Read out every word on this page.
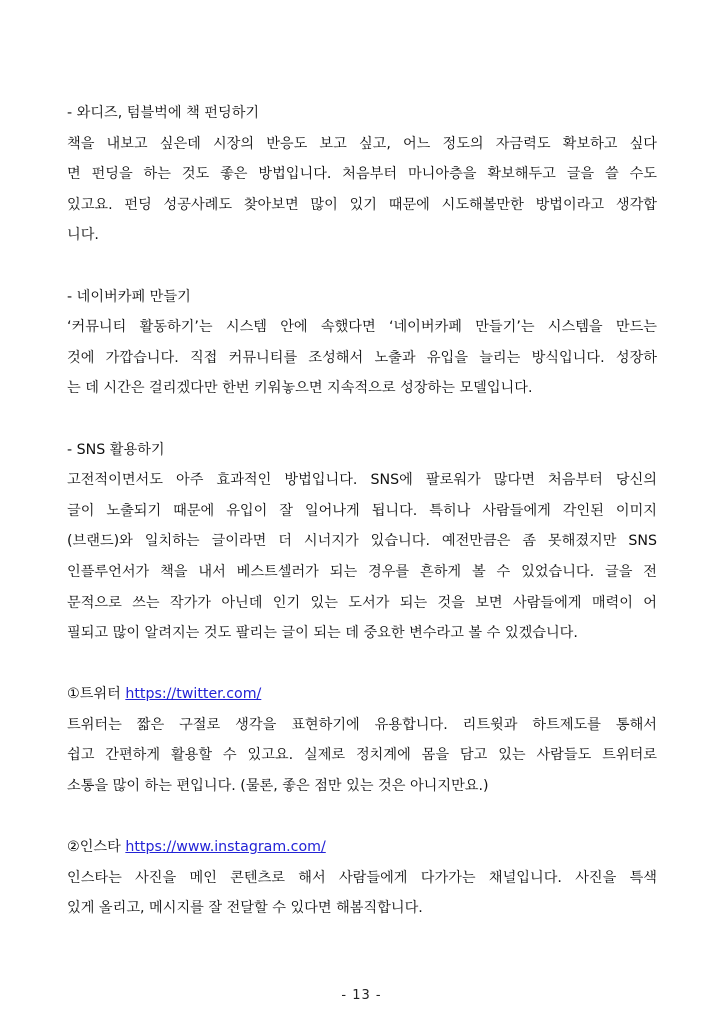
- 와디즈, 텀블벅에 책 펀딩하기

책을 내보고 싶은데 시장의 반응도 보고 싶고, 어느 정도의 자금력도 확보하고 싶다

면 펀딩을 하는 것도 좋은 방법입니다. 처음부터 마니아층을 확보해두고 글을 쓸 수도

있고요. 펀딩 성공사례도 찾아보면 많이 있기 때문에 시도해볼만한 방법이라고 생각합

니다.

- 네이버카페 만들기

‘커뮤니티 활동하기’는 시스템 안에 속했다면 ‘네이버카페 만들기’는 시스템을 만드는

것에 가깝습니다. 직접 커뮤니티를 조성해서 노출과 유입을 늘리는 방식입니다. 성장하

는 데 시간은 걸리겠다만 한번 키워놓으면 지속적으로 성장하는 모델입니다.

- SNS 활용하기

고전적이면서도 아주 효과적인 방법입니다. SNS에 팔로워가 많다면 처음부터 당신의

글이 노출되기 때문에 유입이 잘 일어나게 됩니다. 특히나 사람들에게 각인된 이미지

(브랜드)와 일치하는 글이라면 더 시너지가 있습니다. 예전만큼은 좀 못해졌지만 SNS

인플루언서가 책을 내서 베스트셀러가 되는 경우를 흔하게 볼 수 있었습니다. 글을 전

문적으로 쓰는 작가가 아닌데 인기 있는 도서가 되는 것을 보면 사람들에게 매력이 어

필되고 많이 알려지는 것도 팔리는 글이 되는 데 중요한 변수라고 볼 수 있겠습니다.

①트위터 https://twitter.com/

트위터는 짧은 구절로 생각을 표현하기에 유용합니다. 리트윗과 하트제도를 통해서

쉽고 간편하게 활용할 수 있고요. 실제로 정치계에 몸을 담고 있는 사람들도 트위터로

소통을 많이 하는 편입니다. (물론, 좋은 점만 있는 것은 아니지만요.)

②인스타 https://www.instagram.com/

인스타는 사진을 메인 콘텐츠로 해서 사람들에게 다가가는 채널입니다. 사진을 특색

있게 올리고, 메시지를 잘 전달할 수 있다면 해봄직합니다.

- 13 -
